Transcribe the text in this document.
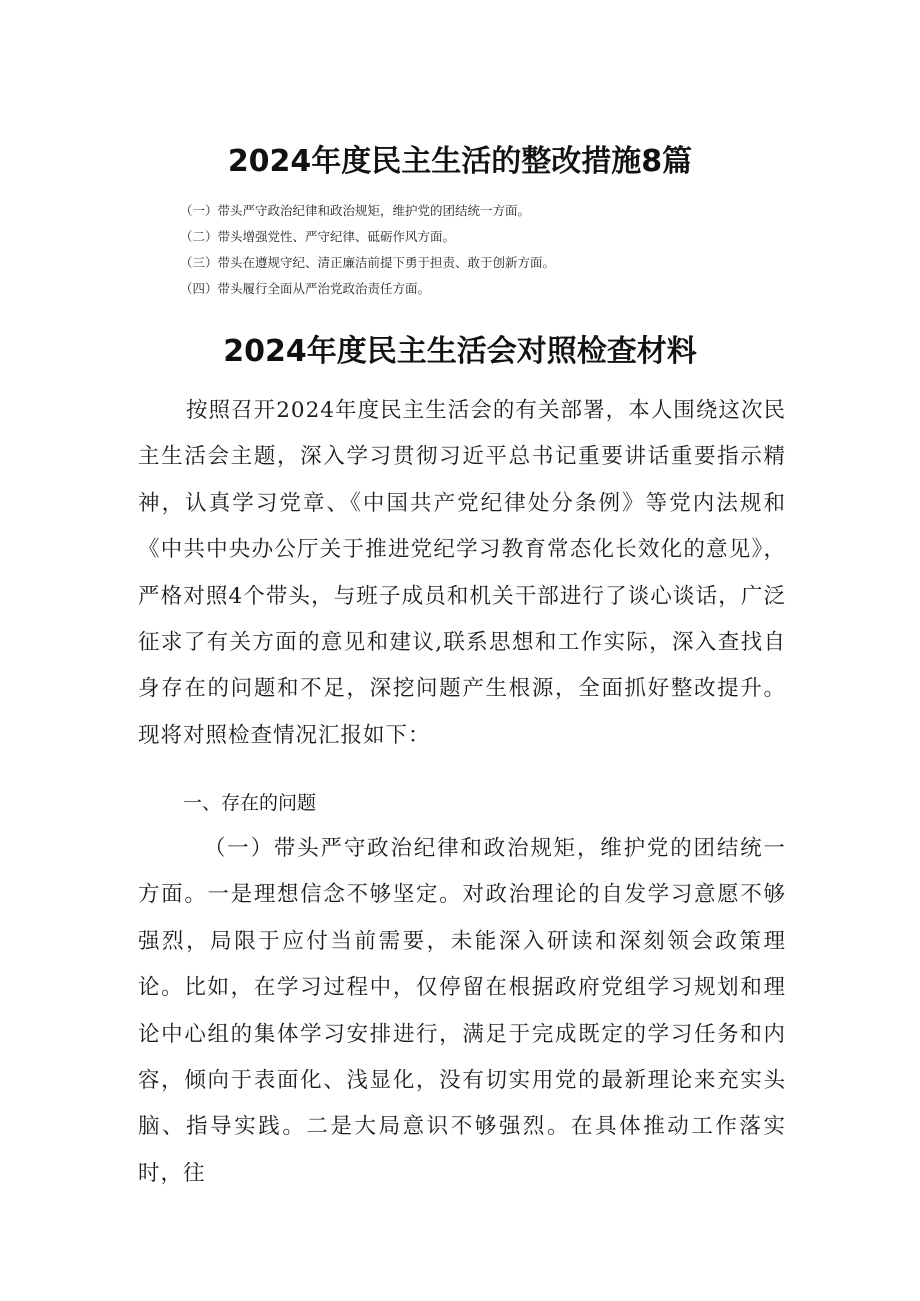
2024年度民主生活的整改措施8篇
（一）带头严守政治纪律和政治规矩，维护党的团结统一方面。
（二）带头增强党性、严守纪律、砥砺作风方面。
（三）带头在遵规守纪、清正廉洁前提下勇于担责、敢于创新方面。
（四）带头履行全面从严治党政治责任方面。
2024年度民主生活会对照检查材料
按照召开2024年度民主生活会的有关部署，本人围绕这次民主生活会主题，深入学习贯彻习近平总书记重要讲话重要指示精神，认真学习党章、《中国共产党纪律处分条例》等党内法规和《中共中央办公厅关于推进党纪学习教育常态化长效化的意见》，严格对照4个带头，与班子成员和机关干部进行了谈心谈话，广泛征求了有关方面的意见和建议,联系思想和工作实际，深入查找自身存在的问题和不足，深挖问题产生根源，全面抓好整改提升。现将对照检查情况汇报如下：
一、存在的问题
（一）带头严守政治纪律和政治规矩，维护党的团结统一方面。一是理想信念不够坚定。对政治理论的自发学习意愿不够强烈，局限于应付当前需要，未能深入研读和深刻领会政策理论。比如，在学习过程中，仅停留在根据政府党组学习规划和理论中心组的集体学习安排进行，满足于完成既定的学习任务和内容，倾向于表面化、浅显化，没有切实用党的最新理论来充实头脑、指导实践。二是大局意识不够强烈。在具体推动工作落实时，往
